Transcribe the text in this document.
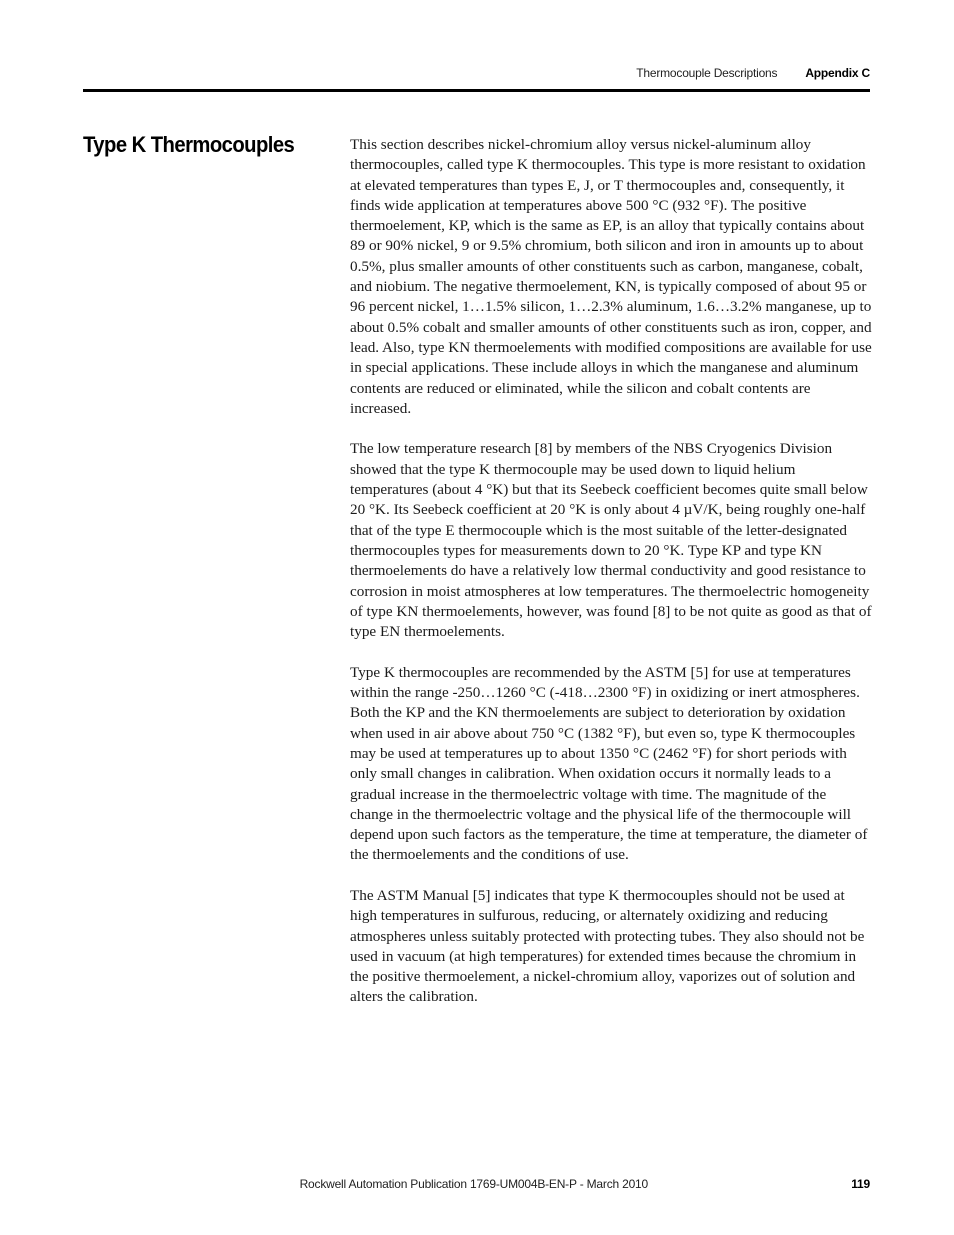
Thermocouple Descriptions Appendix C
Type K Thermocouples	This section describes nickel-chromium alloy versus nickel-aluminum alloy thermocouples, called type K thermocouples. This type is more resistant to oxidation at elevated temperatures than types E, J, or T thermocouples and, consequently, it finds wide application at temperatures above 500 °C (932 °F). The positive thermoelement, KP, which is the same as EP, is an alloy that typically contains about 89 or 90% nickel, 9 or 9.5% chromium, both silicon and iron in amounts up to about 0.5%, plus smaller amounts of other constituents such as carbon, manganese, cobalt, and niobium. The negative thermoelement, KN, is typically composed of about 95 or 96 percent nickel, 1…1.5% silicon, 1…2.3% aluminum, 1.6…3.2% manganese, up to about 0.5% cobalt and smaller amounts of other constituents such as iron, copper, and lead. Also, type KN thermoelements with modified compositions are available for use in special applications. These include alloys in which the manganese and aluminum contents are reduced or eliminated, while the silicon and cobalt contents are increased.

The low temperature research [8] by members of the NBS Cryogenics Division showed that the type K thermocouple may be used down to liquid helium temperatures (about 4 °K) but that its Seebeck coefficient becomes quite small below 20 °K. Its Seebeck coefficient at 20 °K is only about 4 µV/K, being roughly one-half that of the type E thermocouple which is the most suitable of the letter-designated thermocouples types for measurements down to 20 °K. Type KP and type KN thermoelements do have a relatively low thermal conductivity and good resistance to corrosion in moist atmospheres at low temperatures. The thermoelectric homogeneity of type KN thermoelements, however, was found [8] to be not quite as good as that of type EN thermoelements.

Type K thermocouples are recommended by the ASTM [5] for use at temperatures within the range -250…1260 °C (-418…2300 °F) in oxidizing or inert atmospheres. Both the KP and the KN thermoelements are subject to deterioration by oxidation when used in air above about 750 °C (1382 °F), but even so, type K thermocouples may be used at temperatures up to about 1350 °C (2462 °F) for short periods with only small changes in calibration. When oxidation occurs it normally leads to a gradual increase in the thermoelectric voltage with time. The magnitude of the change in the thermoelectric voltage and the physical life of the thermocouple will depend upon such factors as the temperature, the time at temperature, the diameter of the thermoelements and the conditions of use.

The ASTM Manual [5] indicates that type K thermocouples should not be used at high temperatures in sulfurous, reducing, or alternately oxidizing and reducing atmospheres unless suitably protected with protecting tubes. They also should not be used in vacuum (at high temperatures) for extended times because the chromium in the positive thermoelement, a nickel-chromium alloy, vaporizes out of solution and alters the calibration.

Rockwell Automation Publication 1769-UM004B-EN-P - March 2010	119
